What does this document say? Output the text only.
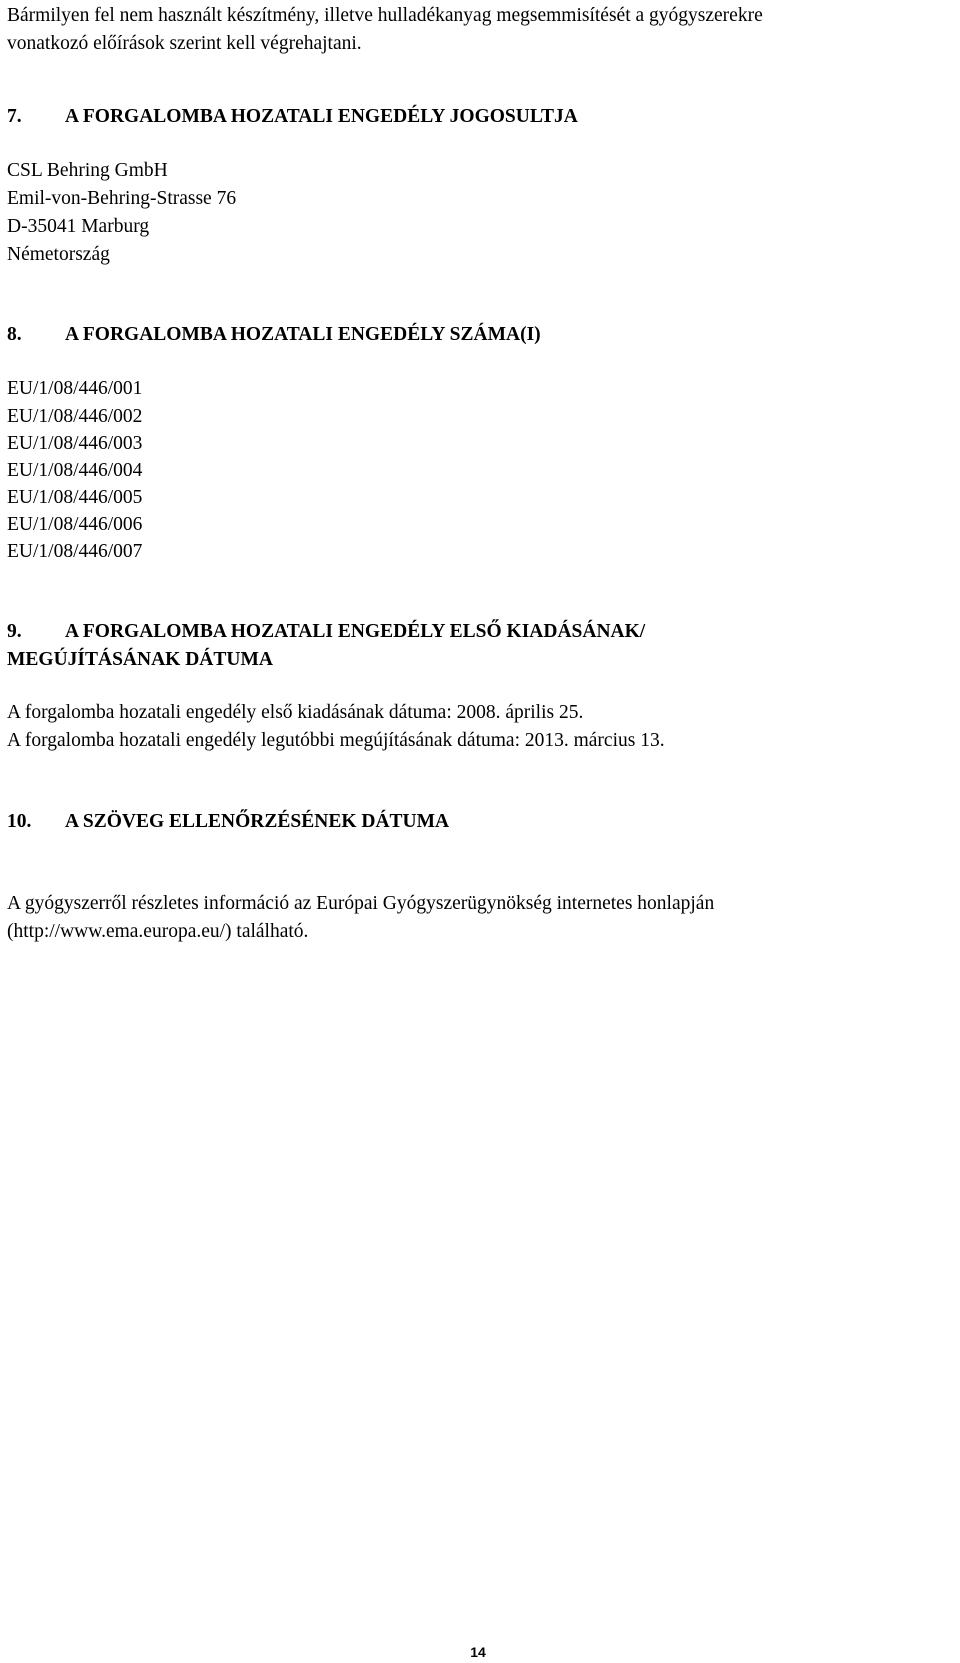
Bármilyen fel nem használt készítmény, illetve hulladékanyag megsemmisítését a gyógyszerekre
vonatkozó előírások szerint kell végrehajtani.
7. A FORGALOMBA HOZATALI ENGEDÉLY JOGOSULTJA
CSL Behring GmbH
Emil-von-Behring-Strasse 76
D-35041 Marburg
Németország
8. A FORGALOMBA HOZATALI ENGEDÉLY SZÁMA(I)
EU/1/08/446/001
EU/1/08/446/002
EU/1/08/446/003
EU/1/08/446/004
EU/1/08/446/005
EU/1/08/446/006
EU/1/08/446/007
9. A FORGALOMBA HOZATALI ENGEDÉLY ELSŐ KIADÁSÁNAK/
MEGÚJÍTÁSÁNAK DÁTUMA
A forgalomba hozatali engedély első kiadásának dátuma: 2008. április 25.
A forgalomba hozatali engedély legutóbbi megújításának dátuma: 2013. március 13.
10. A SZÖVEG ELLENŐRZÉSÉNEK DÁTUMA
A gyógyszerről részletes információ az Európai Gyógyszerügynökség internetes honlapján
(http://www.ema.europa.eu/) található.
14
